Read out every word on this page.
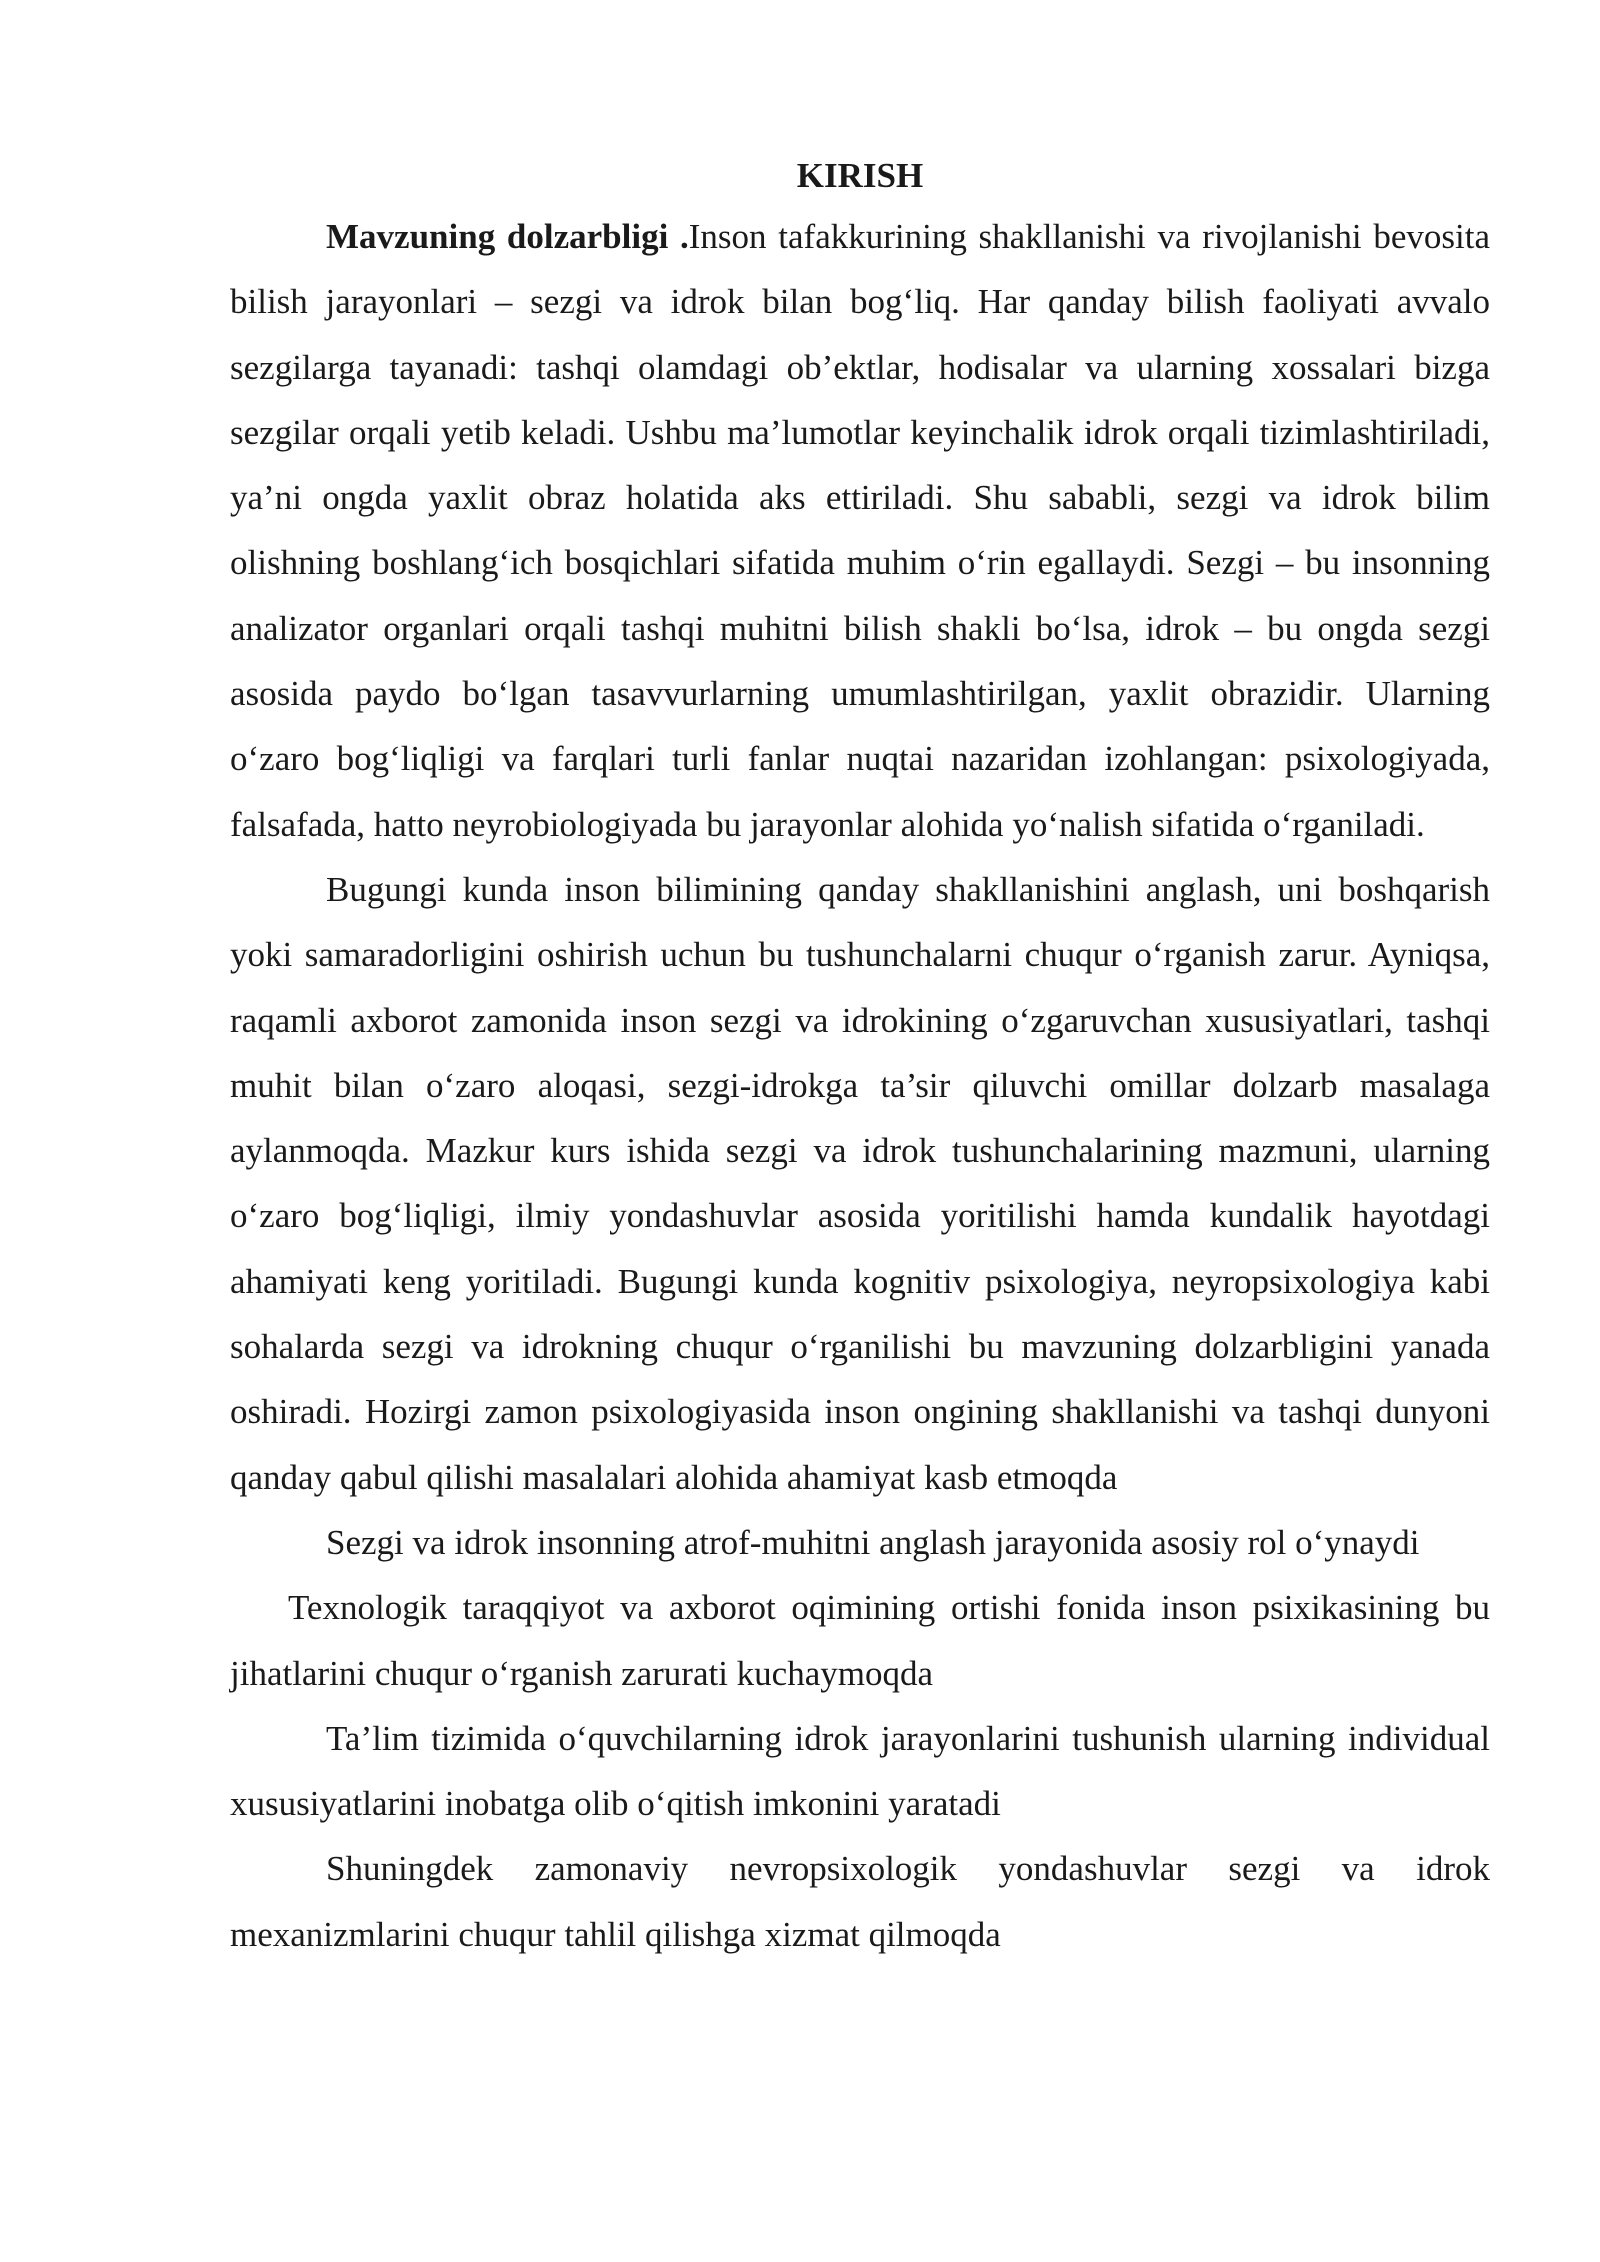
KIRISH

Mavzuning dolzarbligi .Inson tafakkurining shakllanishi va rivojlanishi bevosita bilish jarayonlari – sezgi va idrok bilan bog‘liq. Har qanday bilish faoliyati avvalo sezgilarga tayanadi: tashqi olamdagi ob’ektlar, hodisalar va ularning xossalari bizga sezgilar orqali yetib keladi. Ushbu ma’lumotlar keyinchalik idrok orqali tizimlashtiriladi, ya’ni ongda yaxlit obraz holatida aks ettiriladi. Shu sababli, sezgi va idrok bilim olishning boshlang‘ich bosqichlari sifatida muhim o‘rin egallaydi. Sezgi – bu insonning analizator organlari orqali tashqi muhitni bilish shakli bo‘lsa, idrok – bu ongda sezgi asosida paydo bo‘lgan tasavvurlarning umumlashtirilgan, yaxlit obrazidir. Ularning o‘zaro bog‘liqligi va farqlari turli fanlar nuqtai nazaridan izohlangan: psixologiyada, falsafada, hatto neyrobiologiyada bu jarayonlar alohida yo‘nalish sifatida o‘rganiladi.

Bugungi kunda inson bilimining qanday shakllanishini anglash, uni boshqarish yoki samaradorligini oshirish uchun bu tushunchalarni chuqur o‘rganish zarur. Ayniqsa, raqamli axborot zamonida inson sezgi va idrokining o‘zgaruvchan xususiyatlari, tashqi muhit bilan o‘zaro aloqasi, sezgi-idrokga ta’sir qiluvchi omillar dolzarb masalaga aylanmoqda. Mazkur kurs ishida sezgi va idrok tushunchalarining mazmuni, ularning o‘zaro bog‘liqligi, ilmiy yondashuvlar asosida yoritilishi hamda kundalik hayotdagi ahamiyati keng yoritiladi. Bugungi kunda kognitiv psixologiya, neyropsixologiya kabi sohalarda sezgi va idrokning chuqur o‘rganilishi bu mavzuning dolzarbligini yanada oshiradi. Hozirgi zamon psixologiyasida inson ongining shakllanishi va tashqi dunyoni qanday qabul qilishi masalalari alohida ahamiyat kasb etmoqda

Sezgi va idrok insonning atrof-muhitni anglash jarayonida asosiy rol o‘ynaydi

Texnologik taraqqiyot va axborot oqimining ortishi fonida inson psixikasining bu jihatlarini chuqur o‘rganish zarurati kuchaymoqda

Ta’lim tizimida o‘quvchilarning idrok jarayonlarini tushunish ularning individual xususiyatlarini inobatga olib o‘qitish imkonini yaratadi

Shuningdek zamonaviy nevropsixologik yondashuvlar sezgi va idrok mexanizmlarini chuqur tahlil qilishga xizmat qilmoqda
